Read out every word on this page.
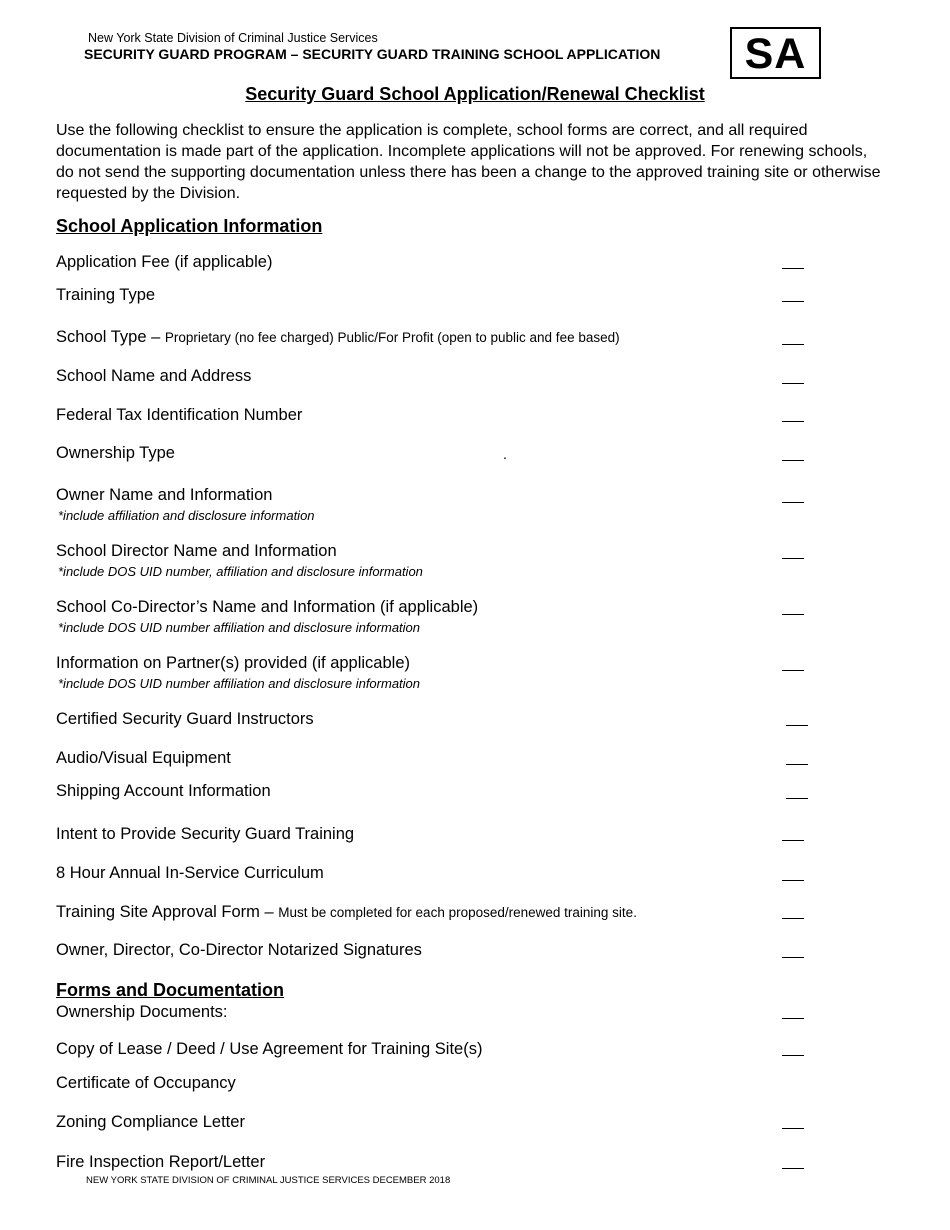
New York State Division of Criminal Justice Services
SECURITY GUARD PROGRAM – SECURITY GUARD TRAINING SCHOOL APPLICATION	SA
Security Guard School Application/Renewal Checklist
Use the following checklist to ensure the application is complete, school forms are correct, and all required documentation is made part of the application. Incomplete applications will not be approved. For renewing schools, do not send the supporting documentation unless there has been a change to the approved training site or otherwise requested by the Division.
School Application Information
Application Fee (if applicable)
Training Type
School Type – Proprietary (no fee charged) Public/For Profit (open to public and fee based)
School Name and Address
Federal Tax Identification Number
Ownership Type	.
Owner Name and Information
*include affiliation and disclosure information
School Director Name and Information
*include DOS UID number, affiliation and disclosure information
School Co-Director’s Name and Information (if applicable)
*include DOS UID number affiliation and disclosure information
Information on Partner(s) provided (if applicable)
*include DOS UID number affiliation and disclosure information
Certified Security Guard Instructors
Audio/Visual Equipment
Shipping Account Information
Intent to Provide Security Guard Training
8 Hour Annual In-Service Curriculum
Training Site Approval Form – Must be completed for each proposed/renewed training site.
Owner, Director, Co-Director Notarized Signatures
Forms and Documentation
Ownership Documents:
Copy of Lease / Deed / Use Agreement for Training Site(s)
Certificate of Occupancy
Zoning Compliance Letter
Fire Inspection Report/Letter
NEW YORK STATE DIVISION OF CRIMINAL JUSTICE SERVICES DECEMBER 2018
